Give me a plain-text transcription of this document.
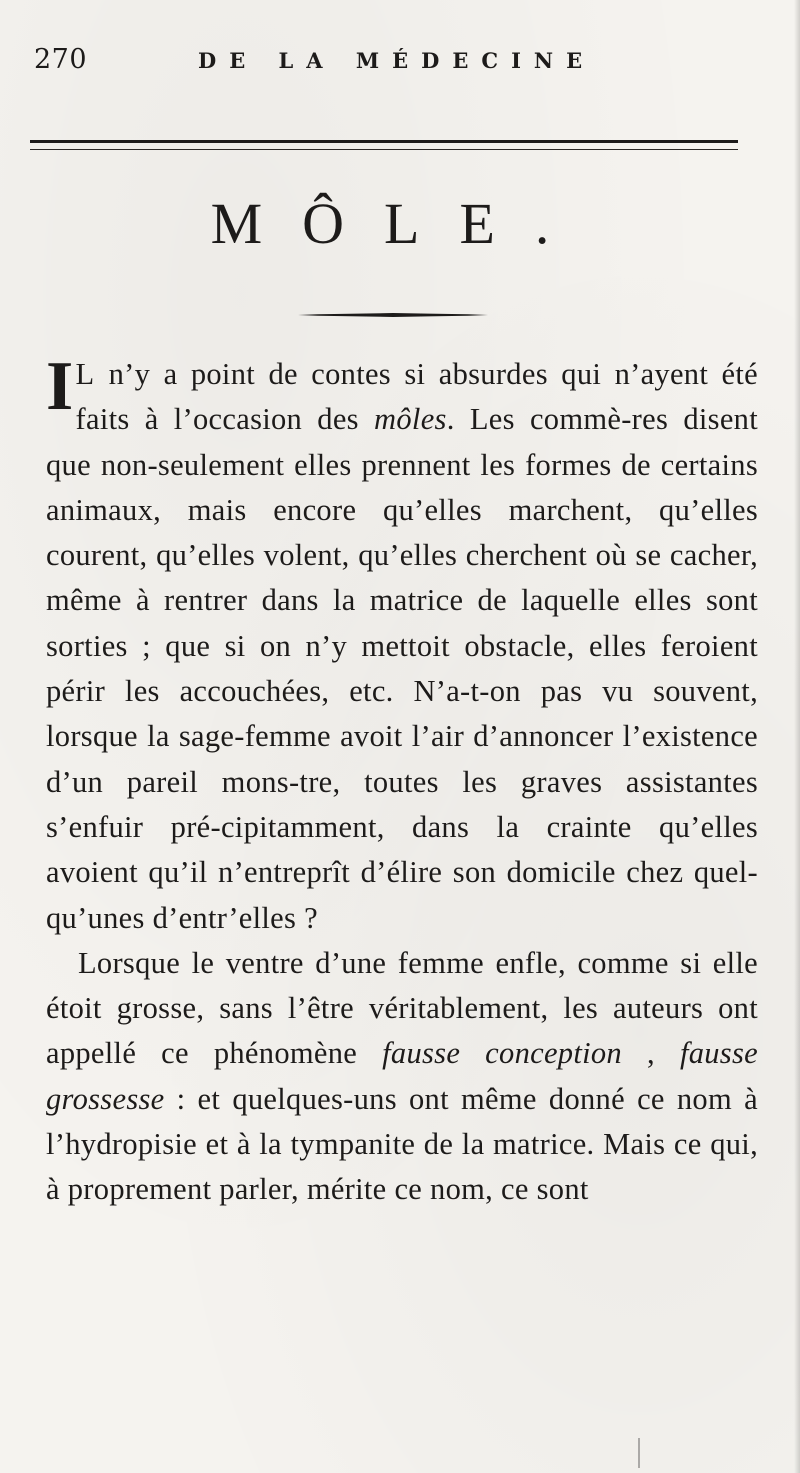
270	DE LA MÉDECINE
MÔLE.

I L n’y a point de contes si absurdes qui n’ayent été faits à l’occasion des môles. Les commè-res disent que non-seulement elles prennent les formes de certains animaux, mais encore qu’elles marchent, qu’elles courent, qu’elles volent, qu’elles cherchent où se cacher, même à rentrer dans la matrice de laquelle elles sont sorties ; que si on n’y mettoit obstacle, elles feroient périr les accouchées, etc. N’a-t-on pas vu souvent, lorsque la sage-femme avoit l’air d’annoncer l’existence d’un pareil mons-tre, toutes les graves assistantes s’enfuir pré-cipitamment, dans la crainte qu’elles avoient qu’il n’entreprît d’élire son domicile chez quel-qu’unes d’entr’elles ?

Lorsque le ventre d’une femme enfle, comme si elle étoit grosse, sans l’être véritablement, les auteurs ont appellé ce phénomène fausse conception , fausse grossesse : et quelques-uns ont même donné ce nom à l’hydropisie et à la tympanite de la matrice. Mais ce qui, à proprement parler, mérite ce nom, ce sont
